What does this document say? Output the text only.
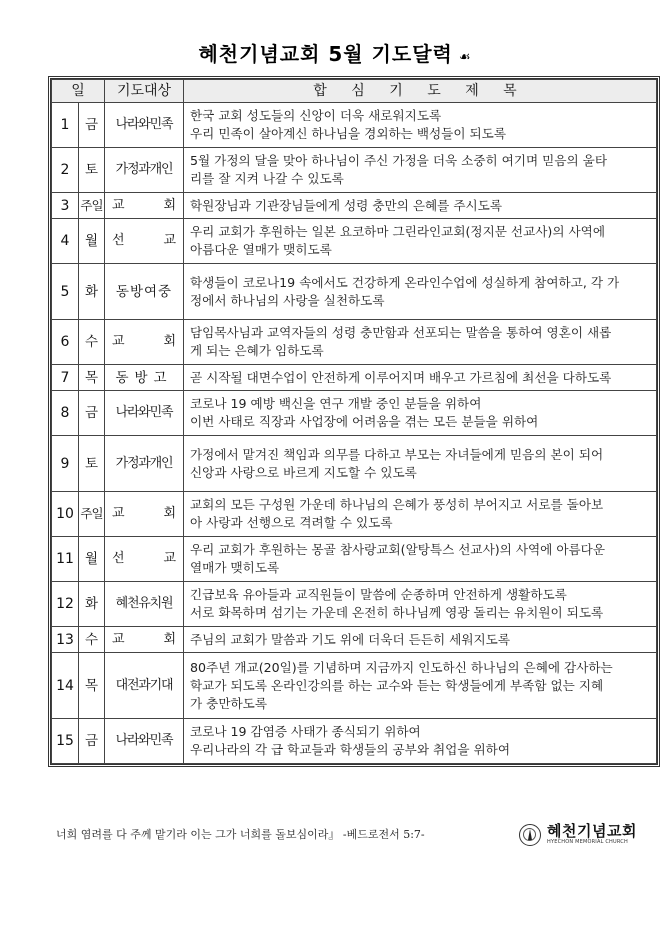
혜천기념교회 5월 기도달력 ☙
일		기도대상	합 심 기 도 제 목
1	금	나라와민족	한국 교회 성도들의 신앙이 더욱 새로워지도록
우리 민족이 살아계신 하나님을 경외하는 백성들이 되도록

2	토	가정과개인	5월 가정의 달을 맞아 하나님이 주신 가정을 더욱 소중히 여기며 믿음의 울타
리를 잘 지켜 나갈 수 있도록

3	주일	교 회	학원장님과 기관장님들에게 성령 충만의 은혜를 주시도록

4	월	선 교	우리 교회가 후원하는 일본 요코하마 그린라인교회(정지문 선교사)의 사역에
아름다운 열매가 맺히도록

5	화	동방여중	학생들이 코로나19 속에서도 건강하게 온라인수업에 성실하게 참여하고, 각 가
정에서 하나님의 사랑을 실천하도록

6	수	교 회	담임목사님과 교역자들의 성령 충만함과 선포되는 말씀을 통하여 영혼이 새롭
게 되는 은혜가 임하도록

7	목	동방고	곧 시작될 대면수업이 안전하게 이루어지며 배우고 가르침에 최선을 다하도록

8	금	나라와민족	코로나 19 예방 백신을 연구 개발 중인 분들을 위하여
이번 사태로 직장과 사업장에 어려움을 겪는 모든 분들을 위하여

9	토	가정과개인	가정에서 맡겨진 책임과 의무를 다하고 부모는 자녀들에게 믿음의 본이 되어
신앙과 사랑으로 바르게 지도할 수 있도록

10	주일	교 회	교회의 모든 구성원 가운데 하나님의 은혜가 풍성히 부어지고 서로를 돌아보
아 사랑과 선행으로 격려할 수 있도록

11	월	선 교	우리 교회가 후원하는 몽골 참사랑교회(알탕특스 선교사)의 사역에 아름다운
열매가 맺히도록

12	화	혜천유치원	긴급보육 유아들과 교직원들이 말씀에 순종하며 안전하게 생활하도록
서로 화목하며 섬기는 가운데 온전히 하나님께 영광 돌리는 유치원이 되도록

13	수	교 회	주님의 교회가 말씀과 기도 위에 더욱더 든든히 세워지도록

14	목	대전과기대	80주년 개교(20일)를 기념하며 지금까지 인도하신 하나님의 은혜에 감사하는
학교가 되도록 온라인강의를 하는 교수와 듣는 학생들에게 부족함 없는 지혜
가 충만하도록

15	금	나라와민족	코로나 19 감염증 사태가 종식되기 위하여
우리나라의 각 급 학교들과 학생들의 공부와 취업을 위하여
너희 염려를 다 주께 맡기라 이는 그가 너희를 돌보심이라』 -베드로전서 5:7-	혜천기념교회
HYECHON MEMORIAL CHURCH
